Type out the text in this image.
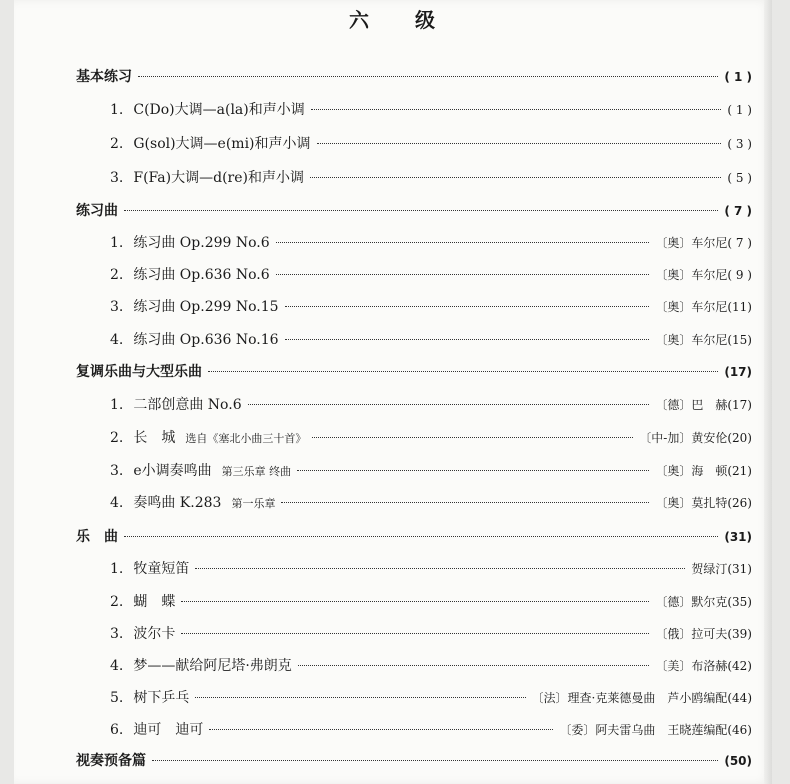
六 级
基本练习	( 1 )
1. C(Do)大调—a(la)和声小调	( 1 )
2. G(sol)大调—e(mi)和声小调	( 3 )
3. F(Fa)大调—d(re)和声小调	( 5 )
练习曲	( 7 )
1. 练习曲 Op.299 No.6	〔奥〕车尔尼( 7 )
2. 练习曲 Op.636 No.6	〔奥〕车尔尼( 9 )
3. 练习曲 Op.299 No.15	〔奥〕车尔尼(11)
4. 练习曲 Op.636 No.16	〔奥〕车尔尼(15)
复调乐曲与大型乐曲	(17)
1. 二部创意曲 No.6	〔德〕巴　赫(17)
2. 长　城 选自《塞北小曲三十首》	〔中-加〕黄安伦(20)
3. e小调奏鸣曲 第三乐章 终曲	〔奥〕海　顿(21)
4. 奏鸣曲 K.283 第一乐章	〔奥〕莫扎特(26)
乐　曲	(31)
1. 牧童短笛	贺绿汀(31)
2. 蝴　蝶	〔德〕默尔克(35)
3. 波尔卡	〔俄〕拉可夫(39)
4. 梦——献给阿尼塔·弗朗克	〔美〕布洛赫(42)
5. 树下乒乓	〔法〕理查·克莱德曼曲　芦小鸥编配(44)
6. 迪可　迪可	〔委〕阿夫雷乌曲　王晓莲编配(46)
视奏预备篇	(50)
